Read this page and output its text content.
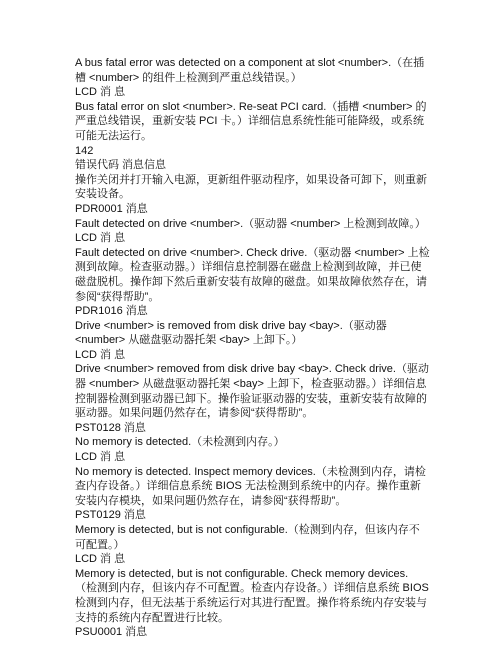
A bus fatal error was detected on a component at slot <number>.（在插槽 <number> 的组件上检测到严重总线错误。）

LCD 消 息

Bus fatal error on slot <number>. Re-seat PCI card.（插槽 <number> 的严重总线错误，重新安装 PCI 卡。）详细信息系统性能可能降级，或系统可能无法运行。

142

错误代码 消息信息

操作关闭并打开输入电源，更新组件驱动程序，如果设备可卸下，则重新安装设备。

PDR0001 消息

Fault detected on drive <number>.（驱动器 <number> 上检测到故障。）

LCD 消 息

Fault detected on drive <number>. Check drive.（驱动器 <number> 上检测到故障。检查驱动器。）详细信息控制器在磁盘上检测到故障，并已使磁盘脱机。操作卸下然后重新安装有故障的磁盘。如果故障依然存在，请参阅“获得帮助”。

PDR1016 消息

Drive <number> is removed from disk drive bay <bay>.（驱动器 <number> 从磁盘驱动器托架 <bay> 上卸下。）

LCD 消 息

Drive <number> removed from disk drive bay <bay>. Check drive.（驱动器 <number> 从磁盘驱动器托架 <bay> 上卸下，检查驱动器。）详细信息控制器检测到驱动器已卸下。操作验证驱动器的安装，重新安装有故障的驱动器。如果问题仍然存在，请参阅“获得帮助”。

PST0128 消息

No memory is detected.（未检测到内存。）

LCD 消 息

No memory is detected. Inspect memory devices.（未检测到内存，请检查内存设备。）详细信息系统 BIOS 无法检测到系统中的内存。操作重新安装内存模块，如果问题仍然存在，请参阅“获得帮助”。

PST0129 消息

Memory is detected, but is not configurable.（检测到内存，但该内存不可配置。）

LCD 消 息

Memory is detected, but is not configurable. Check memory devices.（检测到内存，但该内存不可配置。检查内存设备。）详细信息系统 BIOS 检测到内存，但无法基于系统运行对其进行配置。操作将系统内存安装与支持的系统内存配置进行比较。

PSU0001 消息
